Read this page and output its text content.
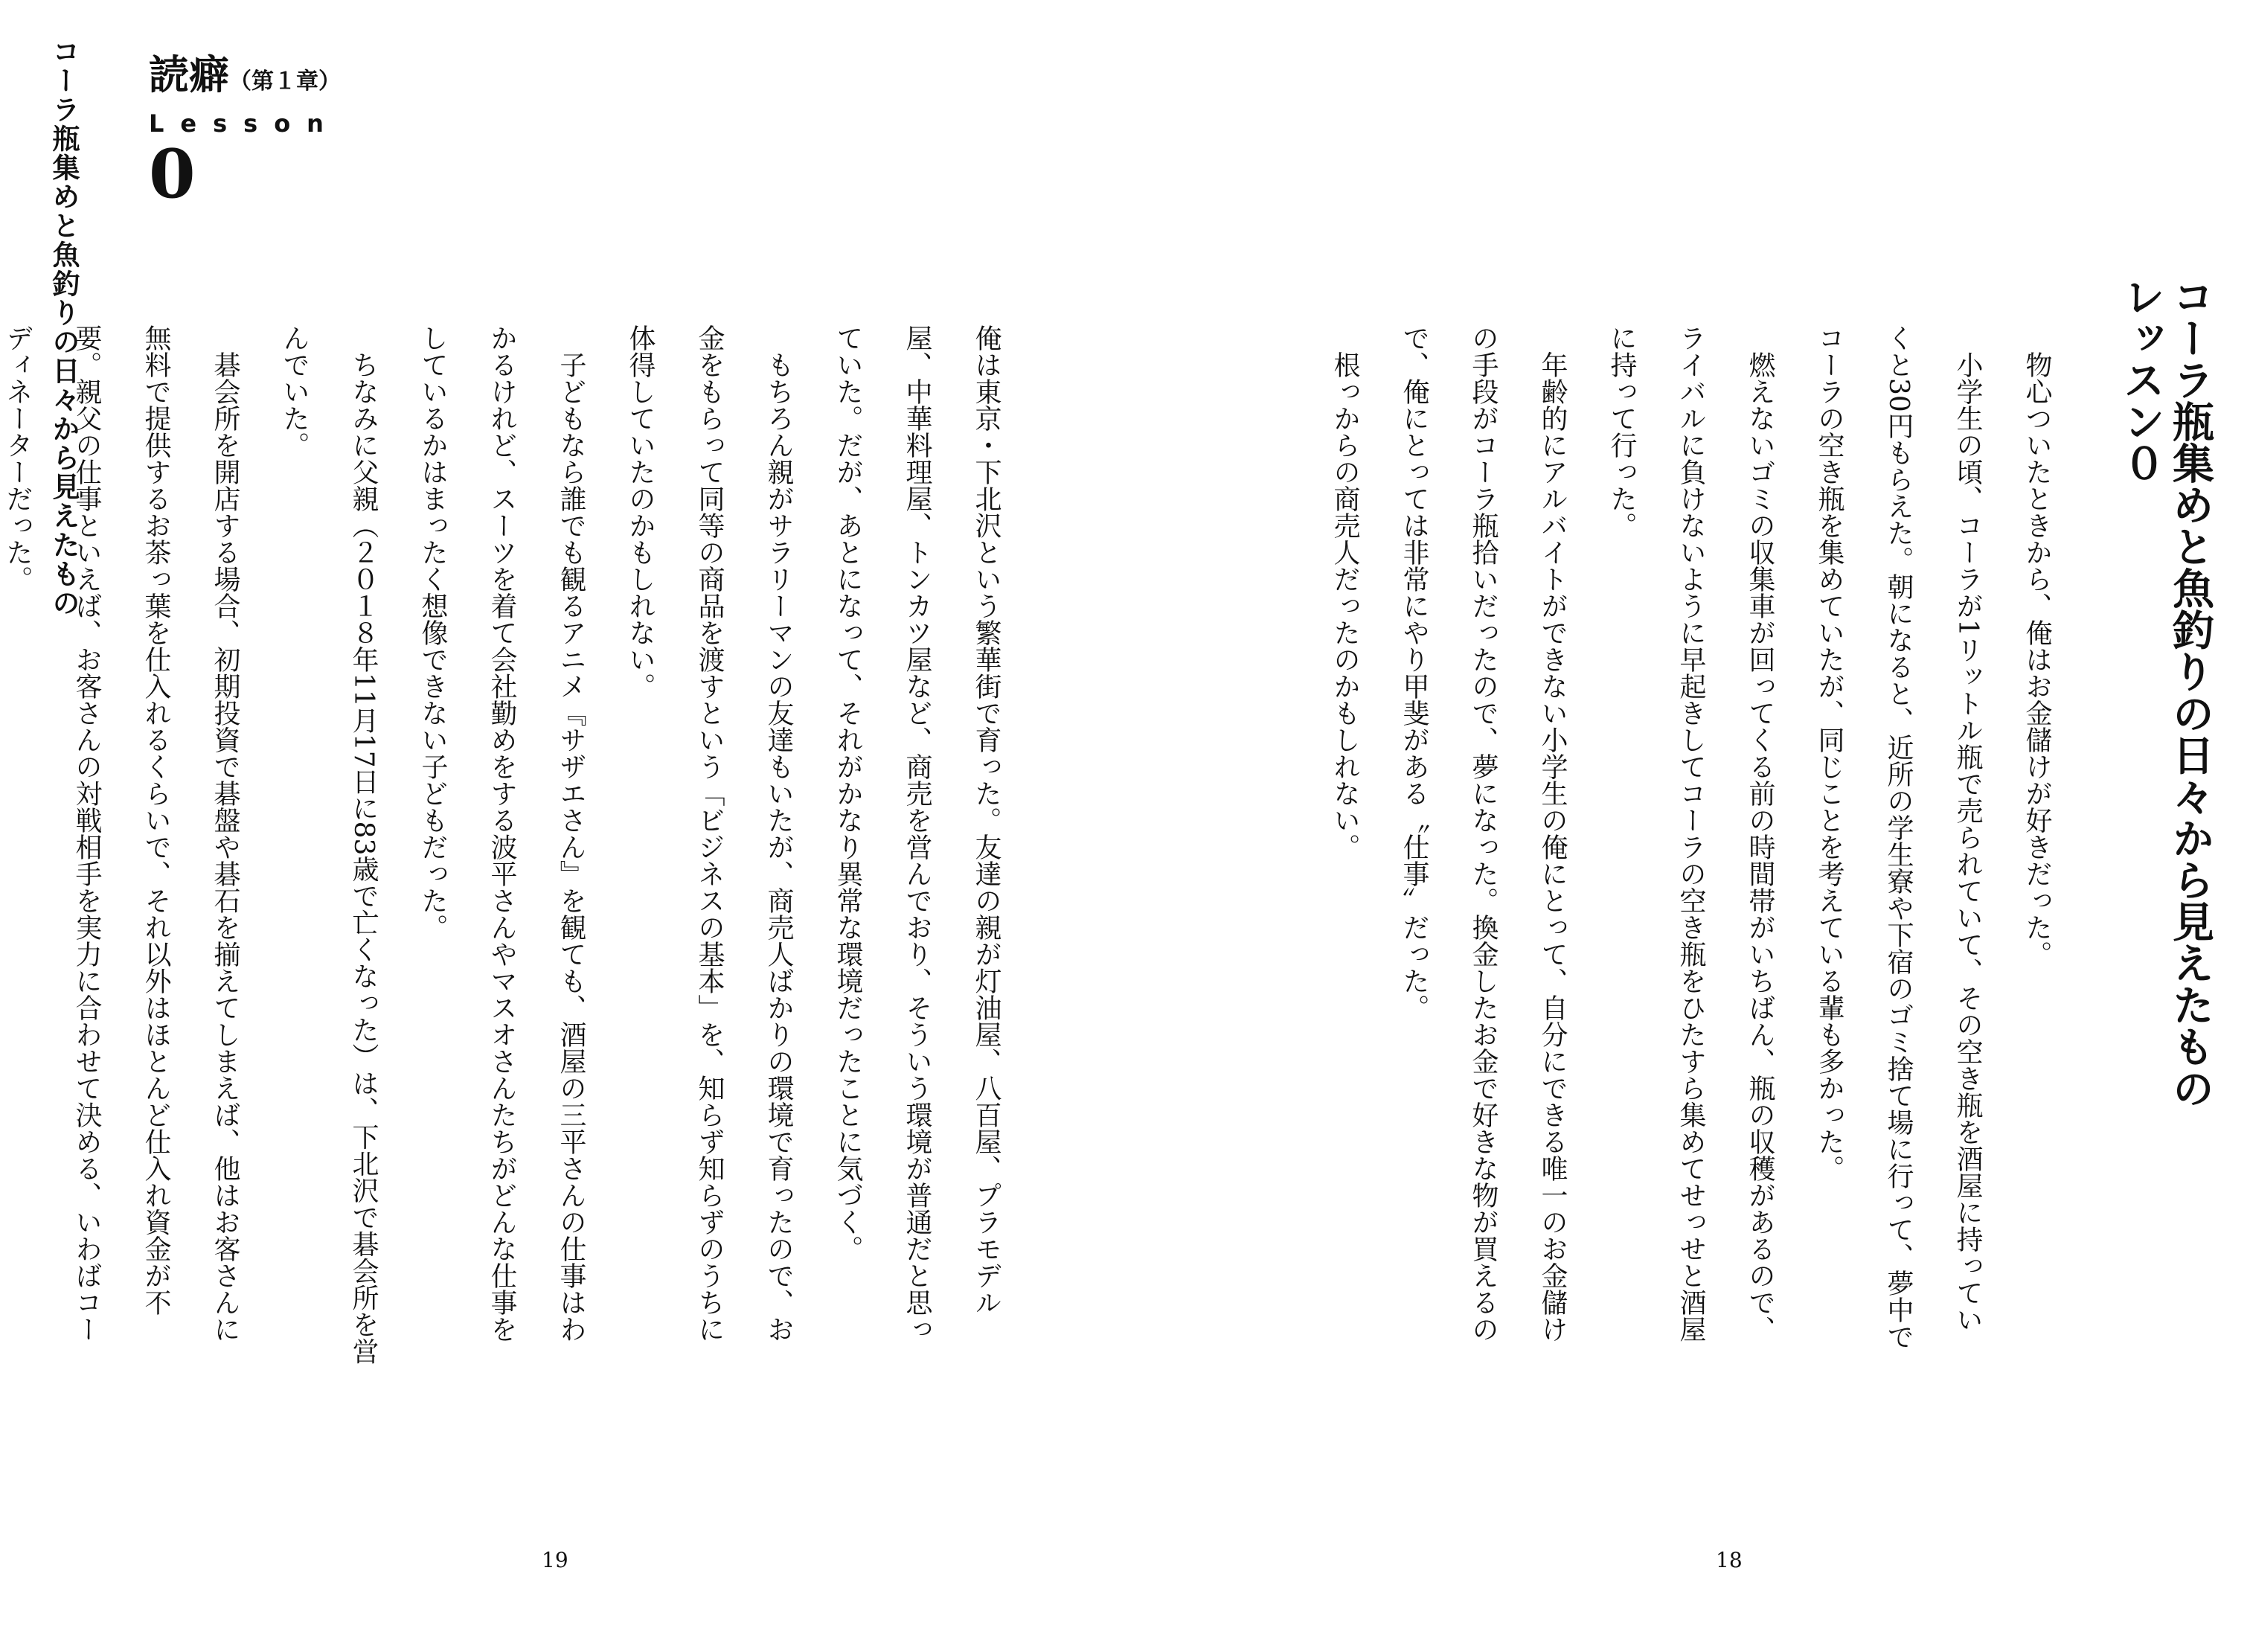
コーラ瓶集めと魚釣りの日々から見えたもの 読癖（第１章）
Lesson
0

俺は東京・下北沢という繁華街で育った。友達の親が灯油屋、八百屋、プラモデル

屋、中華料理屋、トンカツ屋など、商売を営んでおり、そういう環境が普通だと思っ

ていた。だが、あとになって、それがかなり異常な環境だったことに気づく。

もちろん親がサラリーマンの友達もいたが、商売人ばかりの環境で育ったので、お

金をもらって同等の商品を渡すという「ビジネスの基本」を、知らず知らずのうちに

体得していたのかもしれない。

子どもなら誰でも観るアニメ『サザエさん』を観ても、酒屋の三平さんの仕事はわ

かるけれど、スーツを着て会社勤めをする波平さんやマスオさんたちがどんな仕事を

しているかはまったく想像できない子どもだった。

ちなみに父親（２０１８年11月17日に83歳で亡くなった）は、下北沢で碁会所を営

んでいた。

碁会所を開店する場合、初期投資で碁盤や碁石を揃えてしまえば、他はお客さんに

無料で提供するお茶っ葉を仕入れるくらいで、それ以外はほとんど仕入れ資金が不

要。親父の仕事といえば、お客さんの対戦相手を実力に合わせて決める、いわばコー

ディネーターだった。

19
レッスン０ コーラ瓶集めと魚釣りの日々から見えたもの

物心ついたときから、俺はお金儲けが好きだった。

小学生の頃、コーラが1リットル瓶で売られていて、その空き瓶を酒屋に持ってい

くと30円もらえた。朝になると、近所の学生寮や下宿のゴミ捨て場に行って、夢中で

コーラの空き瓶を集めていたが、同じことを考えている輩も多かった。

燃えないゴミの収集車が回ってくる前の時間帯がいちばん、瓶の収穫があるので、

ライバルに負けないように早起きしてコーラの空き瓶をひたすら集めてせっせと酒屋

に持って行った。

年齢的にアルバイトができない小学生の俺にとって、自分にできる唯一のお金儲け

の手段がコーラ瓶拾いだったので、夢になった。換金したお金で好きな物が買えるの

で、俺にとっては非常にやり甲斐がある〝仕事〟だった。

根っからの商売人だったのかもしれない。

18
